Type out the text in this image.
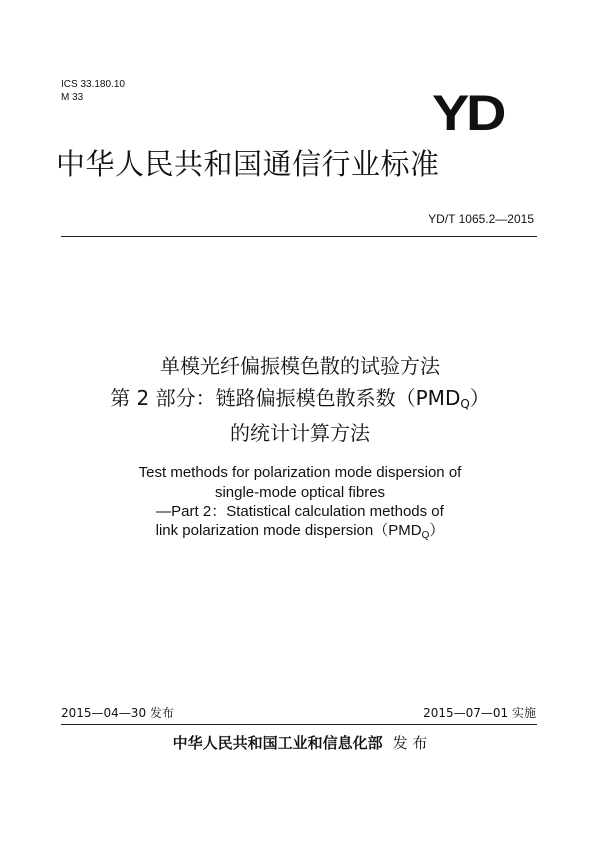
ICS 33.180.10
M 33	YD
中华人民共和国通信行业标准
YD/T 1065.2—2015
单模光纤偏振模色散的试验方法
第 2 部分：链路偏振模色散系数$(PMD_Q)$
的统计计算方法
Test methods for polarization mode dispersion of
single-mode optical fibres
—Part 2：Statistical calculation methods of
link polarization mode $dispersion(PMD_Q)$
2015—04—30 发布	2015—07—01 实施
中华人民共和国工业和信息化部 发 布
